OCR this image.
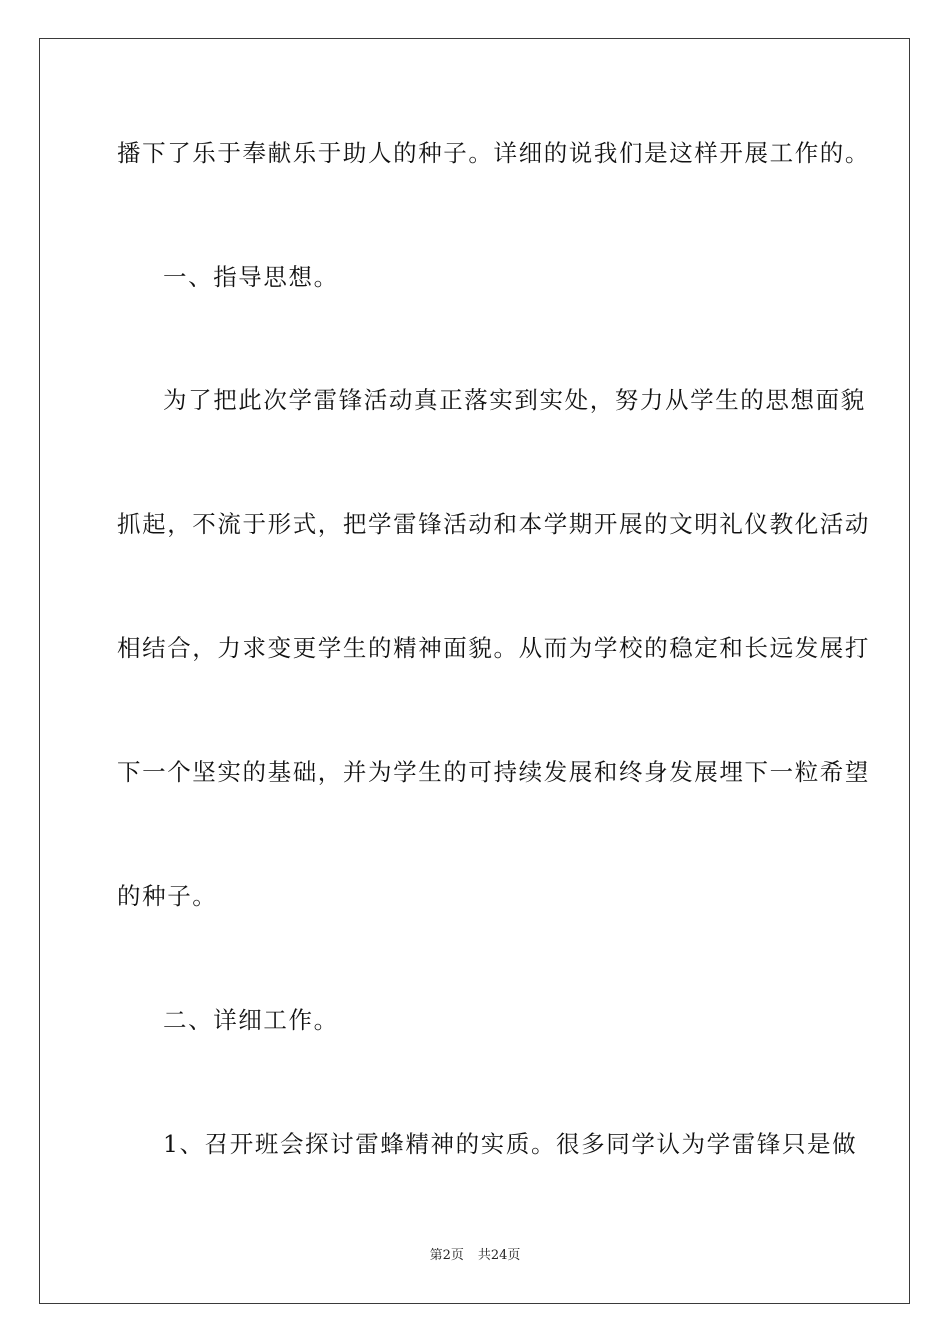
播下了乐于奉献乐于助人的种子。详细的说我们是这样开展工作的。
一、指导思想。
为了把此次学雷锋活动真正落实到实处，努力从学生的思想面貌
抓起，不流于形式，把学雷锋活动和本学期开展的文明礼仪教化活动
相结合，力求变更学生的精神面貌。从而为学校的稳定和长远发展打
下一个坚实的基础，并为学生的可持续发展和终身发展埋下一粒希望
的种子。
二、详细工作。
1、召开班会探讨雷蜂精神的实质。很多同学认为学雷锋只是做
第2页 共24页
